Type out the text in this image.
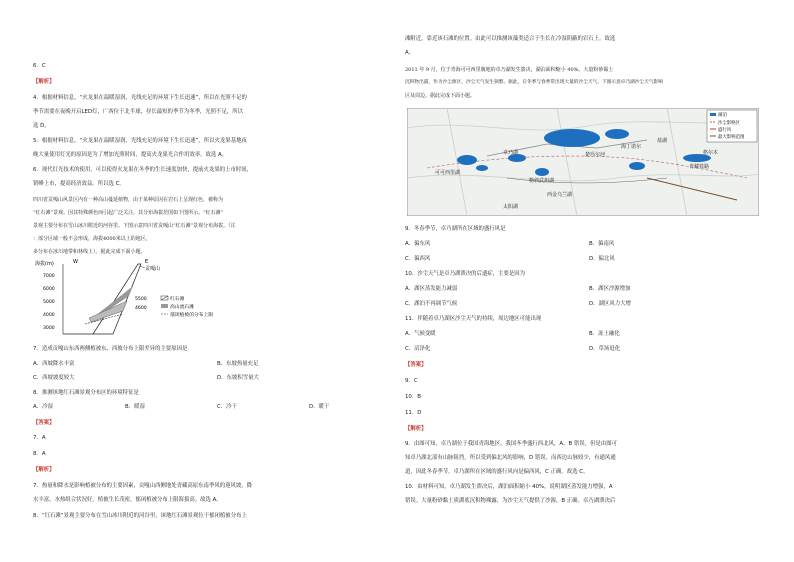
6．C
【解析】
4．根据材料信息，“火龙果在温暖湿润、光线充足的环境下生长迅速”，所以在光照不足的
季节需要在夜晚开启LED灯，广西位于北半球，昼长最短的季节为冬季，光照不足，所以
选 D。
5．根据材料信息，“火龙果在温暖湿润、光线充足的环境下生长迅速”，所以火龙果基地夜
晚大量使用灯光的原因是为了增加光照时间，提高火龙果光合作用效率。故选 A。
6．现代灯光技术的使用，可以使得火龙果在冬季的生长速度加快，提前火龙果的上市时间，
错峰上市，提高经济效益。所以选 C。
四川省贡嘎山风景区内有一种高山蔓延植物，由于某种原因在岩石上呈现红色，被称为
“红石滩”景观。因其特殊颜色而引起广泛关注，其分布海拔范围如下图所示。“红石滩”
景观主要分布在雪山冰川附近的河谷里。下图示意四川省贡嘎山“红石滩”景观分布海拔。（注
：部分区域一般不会形成，海拔4000米以上的地区，
多分布在冰川地带和林线上）。据此完成下面小题。
海拔(m)	W	E
7000
6000
5000
4000
3000
贡嘎山
5500
4600
红石滩
高山流石滩
郁闭植被的分布上限
7．造成贡嘎山东西两侧植被东、西坡分布上限差异的主要原因是
A．西坡降水丰富	B．东坡热量充足
C．西坡坡度较大	D．东坡积雪量大
8．推测该地红石滩景观分布区的环境特征是
A．冷湿	B．暖湿	C．冷干	D．暖干
【答案】
7．A
8．A
【解析】
7．热量和降水是影响植被分布的主要因素，贡嘎山西侧地处青藏高原东南季风的迎风坡，降
水丰富，水热组合状况好，植被生长茂密，郁闭植被分布上限海拔高。故选 A。
8．“红石滩”景观主要分布在雪山冰川附近的河谷里，该地红石滩景观位于郁闭植被分布上
滩附近，靠近该石滩的位置。由此可以推测该藻类适合于生长在冷湿阴蔽的岩石上。故选
A。
2011 年 9 月，位于青海可可西里腹地的卓乃湖发生溃决，湖泊面积缩小 40%。大量粉砂黏土
沉积物出露，作为沙尘源区，沙尘天气发生频繁。据此，在冬季与春季常出现大量的沙尘天气。下图示意卓乃湖沙尘天气影响
区及周边。据此完成下面小题。
卓乃湖
可可西里湖
勒斜武担湖
西金乌兰湖
楚玛尔河
海丁诺尔
盐湖
太阳湖
格尔木
青藏铁路
湖泊
沙尘影响区
盛行风
最大影响范围
9．冬春季节，卓乃湖所在区域的盛行风是
A．偏东风	B．偏南风
C．偏西风	D．偏北风
10．沙尘天气是卓乃湖溃决的后遗症，主要是因为
A．湖区蒸发能力减弱	B．湖区沙源增加
C．湖泊不再调节气候	D．湖区风力大增
11．伴随着卓乃湖区沙尘天气的持续，周边地区可能出现
A．气候变暖	B．冻土融化
C．沼泽化	D．草场退化
【答案】
9．C
10．B
11．D
【解析】
9．由图可知，卓乃湖位于我国青海地区，我国冬季盛行西北风，A、B 错误。但是由图可
知卓乃湖北部有山脉阻挡，所以受到偏北风的影响，D 错误。而西边山脉较少，有通风通
道，因此冬春季节，卓乃湖所在区域的盛行风向是偏西风，C 正确。故选 C。
10．由材料可知，卓乃湖发生溃决后，湖泊面积缩小 40%，说明湖区蒸发能力增强，A
错误。大量粉砂黏土质湖底沉积物裸露，为沙尘天气提供了沙源，B 正确。卓乃湖溃决后
